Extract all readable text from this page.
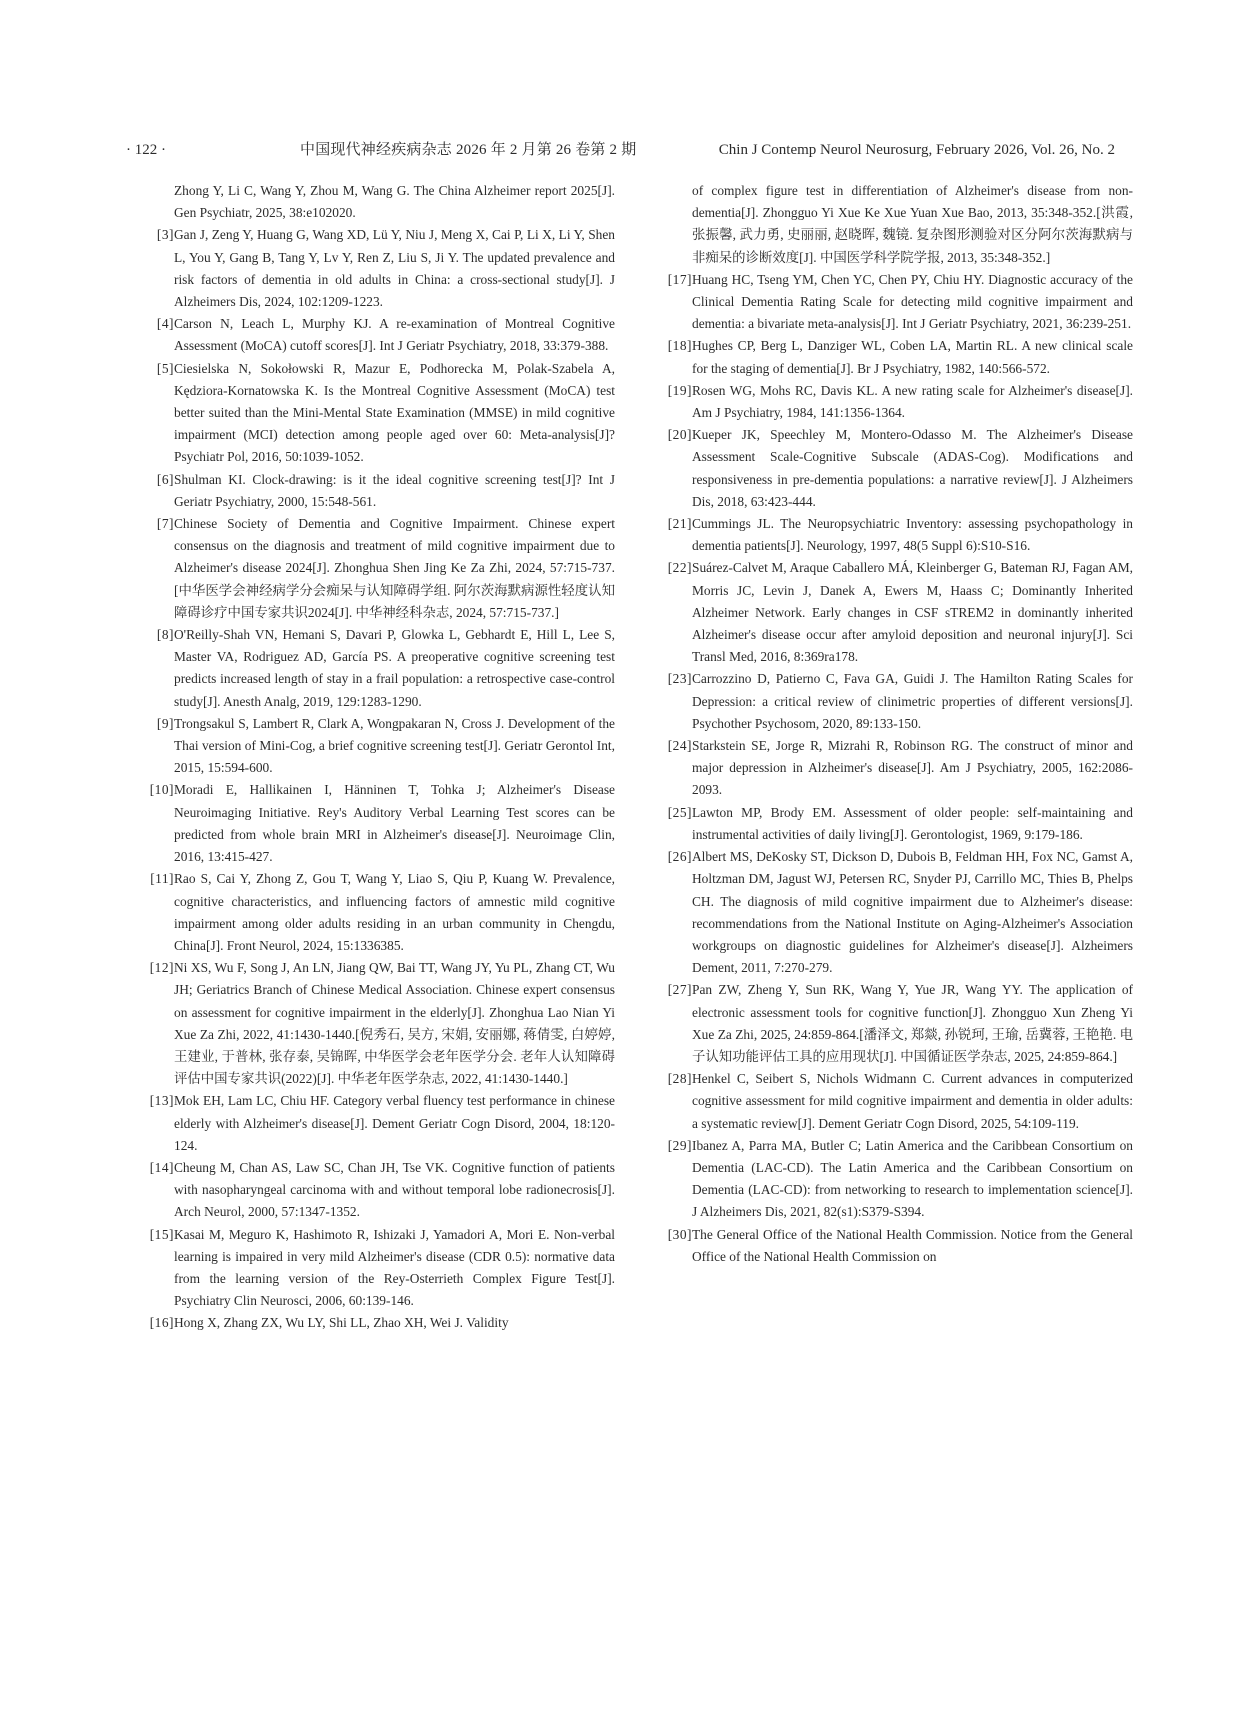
· 122 ·	中国现代神经疾病杂志 2026 年 2 月第 26 卷第 2 期	Chin J Contemp Neurol Neurosurg, February 2026, Vol. 26, No. 2
Zhong Y, Li C, Wang Y, Zhou M, Wang G. The China Alzheimer report 2025[J]. Gen Psychiatr, 2025, 38:e102020.
[3] Gan J, Zeng Y, Huang G, Wang XD, Lü Y, Niu J, Meng X, Cai P, Li X, Li Y, Shen L, You Y, Gang B, Tang Y, Lv Y, Ren Z, Liu S, Ji Y. The updated prevalence and risk factors of dementia in old adults in China: a cross-sectional study[J]. J Alzheimers Dis, 2024, 102:1209-1223.
[4] Carson N, Leach L, Murphy KJ. A re-examination of Montreal Cognitive Assessment (MoCA) cutoff scores[J]. Int J Geriatr Psychiatry, 2018, 33:379-388.
[5] Ciesielska N, Sokołowski R, Mazur E, Podhorecka M, Polak-Szabela A, Kędziora-Kornatowska K. Is the Montreal Cognitive Assessment (MoCA) test better suited than the Mini-Mental State Examination (MMSE) in mild cognitive impairment (MCI) detection among people aged over 60: Meta-analysis[J]? Psychiatr Pol, 2016, 50:1039-1052.
[6] Shulman KI. Clock-drawing: is it the ideal cognitive screening test[J]? Int J Geriatr Psychiatry, 2000, 15:548-561.
[7] Chinese Society of Dementia and Cognitive Impairment. Chinese expert consensus on the diagnosis and treatment of mild cognitive impairment due to Alzheimer's disease 2024[J]. Zhonghua Shen Jing Ke Za Zhi, 2024, 57:715-737.[中华医学会神经病学分会痴呆与认知障碍学组. 阿尔茨海默病源性轻度认知障碍诊疗中国专家共识2024[J]. 中华神经科杂志, 2024, 57:715-737.]
[8] O'Reilly-Shah VN, Hemani S, Davari P, Glowka L, Gebhardt E, Hill L, Lee S, Master VA, Rodriguez AD, García PS. A preoperative cognitive screening test predicts increased length of stay in a frail population: a retrospective case-control study[J]. Anesth Analg, 2019, 129:1283-1290.
[9] Trongsakul S, Lambert R, Clark A, Wongpakaran N, Cross J. Development of the Thai version of Mini-Cog, a brief cognitive screening test[J]. Geriatr Gerontol Int, 2015, 15:594-600.
[10] Moradi E, Hallikainen I, Hänninen T, Tohka J; Alzheimer's Disease Neuroimaging Initiative. Rey's Auditory Verbal Learning Test scores can be predicted from whole brain MRI in Alzheimer's disease[J]. Neuroimage Clin, 2016, 13:415-427.
[11] Rao S, Cai Y, Zhong Z, Gou T, Wang Y, Liao S, Qiu P, Kuang W. Prevalence, cognitive characteristics, and influencing factors of amnestic mild cognitive impairment among older adults residing in an urban community in Chengdu, China[J]. Front Neurol, 2024, 15:1336385.
[12] Ni XS, Wu F, Song J, An LN, Jiang QW, Bai TT, Wang JY, Yu PL, Zhang CT, Wu JH; Geriatrics Branch of Chinese Medical Association. Chinese expert consensus on assessment for cognitive impairment in the elderly[J]. Zhonghua Lao Nian Yi Xue Za Zhi, 2022, 41:1430-1440.[倪秀石, 吴方, 宋娟, 安丽娜, 蒋倩雯, 白婷婷, 王建业, 于普林, 张存泰, 吴锦晖, 中华医学会老年医学分会. 老年人认知障碍评估中国专家共识(2022)[J]. 中华老年医学杂志, 2022, 41:1430-1440.]
[13] Mok EH, Lam LC, Chiu HF. Category verbal fluency test performance in chinese elderly with Alzheimer's disease[J]. Dement Geriatr Cogn Disord, 2004, 18:120-124.
[14] Cheung M, Chan AS, Law SC, Chan JH, Tse VK. Cognitive function of patients with nasopharyngeal carcinoma with and without temporal lobe radionecrosis[J]. Arch Neurol, 2000, 57:1347-1352.
[15] Kasai M, Meguro K, Hashimoto R, Ishizaki J, Yamadori A, Mori E. Non-verbal learning is impaired in very mild Alzheimer's disease (CDR 0.5): normative data from the learning version of the Rey-Osterrieth Complex Figure Test[J]. Psychiatry Clin Neurosci, 2006, 60:139-146.
[16] Hong X, Zhang ZX, Wu LY, Shi LL, Zhao XH, Wei J. Validity
of complex figure test in differentiation of Alzheimer's disease from non-dementia[J]. Zhongguo Yi Xue Ke Xue Yuan Xue Bao, 2013, 35:348-352.[洪霞, 张振馨, 武力勇, 史丽丽, 赵晓晖, 魏镜. 复杂图形测验对区分阿尔茨海默病与非痴呆的诊断效度[J]. 中国医学科学院学报, 2013, 35:348-352.]
[17] Huang HC, Tseng YM, Chen YC, Chen PY, Chiu HY. Diagnostic accuracy of the Clinical Dementia Rating Scale for detecting mild cognitive impairment and dementia: a bivariate meta-analysis[J]. Int J Geriatr Psychiatry, 2021, 36:239-251.
[18] Hughes CP, Berg L, Danziger WL, Coben LA, Martin RL. A new clinical scale for the staging of dementia[J]. Br J Psychiatry, 1982, 140:566-572.
[19] Rosen WG, Mohs RC, Davis KL. A new rating scale for Alzheimer's disease[J]. Am J Psychiatry, 1984, 141:1356-1364.
[20] Kueper JK, Speechley M, Montero-Odasso M. The Alzheimer's Disease Assessment Scale-Cognitive Subscale (ADAS-Cog). Modifications and responsiveness in pre-dementia populations: a narrative review[J]. J Alzheimers Dis, 2018, 63:423-444.
[21] Cummings JL. The Neuropsychiatric Inventory: assessing psychopathology in dementia patients[J]. Neurology, 1997, 48(5 Suppl 6):S10-S16.
[22] Suárez-Calvet M, Araque Caballero MÁ, Kleinberger G, Bateman RJ, Fagan AM, Morris JC, Levin J, Danek A, Ewers M, Haass C; Dominantly Inherited Alzheimer Network. Early changes in CSF sTREM2 in dominantly inherited Alzheimer's disease occur after amyloid deposition and neuronal injury[J]. Sci Transl Med, 2016, 8:369ra178.
[23] Carrozzino D, Patierno C, Fava GA, Guidi J. The Hamilton Rating Scales for Depression: a critical review of clinimetric properties of different versions[J]. Psychother Psychosom, 2020, 89:133-150.
[24] Starkstein SE, Jorge R, Mizrahi R, Robinson RG. The construct of minor and major depression in Alzheimer's disease[J]. Am J Psychiatry, 2005, 162:2086-2093.
[25] Lawton MP, Brody EM. Assessment of older people: self-maintaining and instrumental activities of daily living[J]. Gerontologist, 1969, 9:179-186.
[26] Albert MS, DeKosky ST, Dickson D, Dubois B, Feldman HH, Fox NC, Gamst A, Holtzman DM, Jagust WJ, Petersen RC, Snyder PJ, Carrillo MC, Thies B, Phelps CH. The diagnosis of mild cognitive impairment due to Alzheimer's disease: recommendations from the National Institute on Aging-Alzheimer's Association workgroups on diagnostic guidelines for Alzheimer's disease[J]. Alzheimers Dement, 2011, 7:270-279.
[27] Pan ZW, Zheng Y, Sun RK, Wang Y, Yue JR, Wang YY. The application of electronic assessment tools for cognitive function[J]. Zhongguo Xun Zheng Yi Xue Za Zhi, 2025, 24:859-864.[潘泽文, 郑燚, 孙锐珂, 王瑜, 岳冀蓉, 王艳艳. 电子认知功能评估工具的应用现状[J]. 中国循证医学杂志, 2025, 24:859-864.]
[28] Henkel C, Seibert S, Nichols Widmann C. Current advances in computerized cognitive assessment for mild cognitive impairment and dementia in older adults: a systematic review[J]. Dement Geriatr Cogn Disord, 2025, 54:109-119.
[29] Ibanez A, Parra MA, Butler C; Latin America and the Caribbean Consortium on Dementia (LAC-CD). The Latin America and the Caribbean Consortium on Dementia (LAC-CD): from networking to research to implementation science[J]. J Alzheimers Dis, 2021, 82(s1):S379-S394.
[30] The General Office of the National Health Commission. Notice from the General Office of the National Health Commission on
